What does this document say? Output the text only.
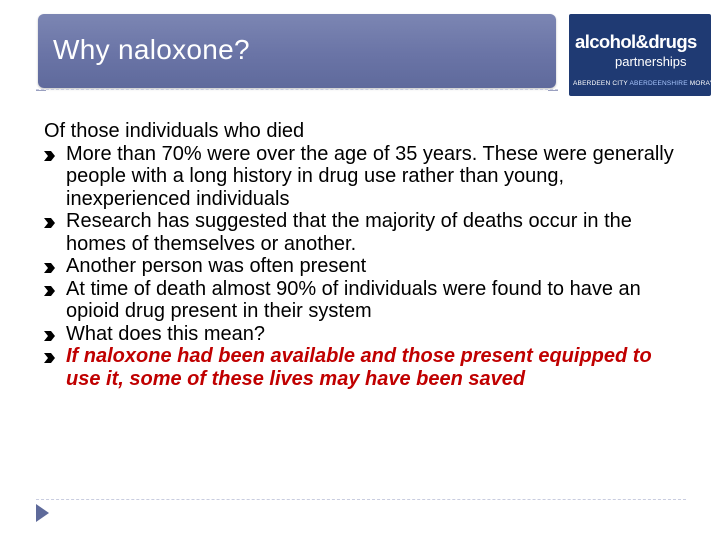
Why naloxone?	alcohol&drugs
partnerships
ABERDEEN CITY ABERDEENSHIRE MORAY
Of those individuals who died
More than 70% were over the age of 35 years. These were generally people with a long history in drug use rather than young, inexperienced individuals
Research has suggested that the majority of deaths occur in the homes of themselves or another.
Another person was often present
At time of death almost 90% of individuals were found to have an opioid drug present in their system
What does this mean?
If naloxone had been available and those present equipped to use it, some of these lives may have been saved
